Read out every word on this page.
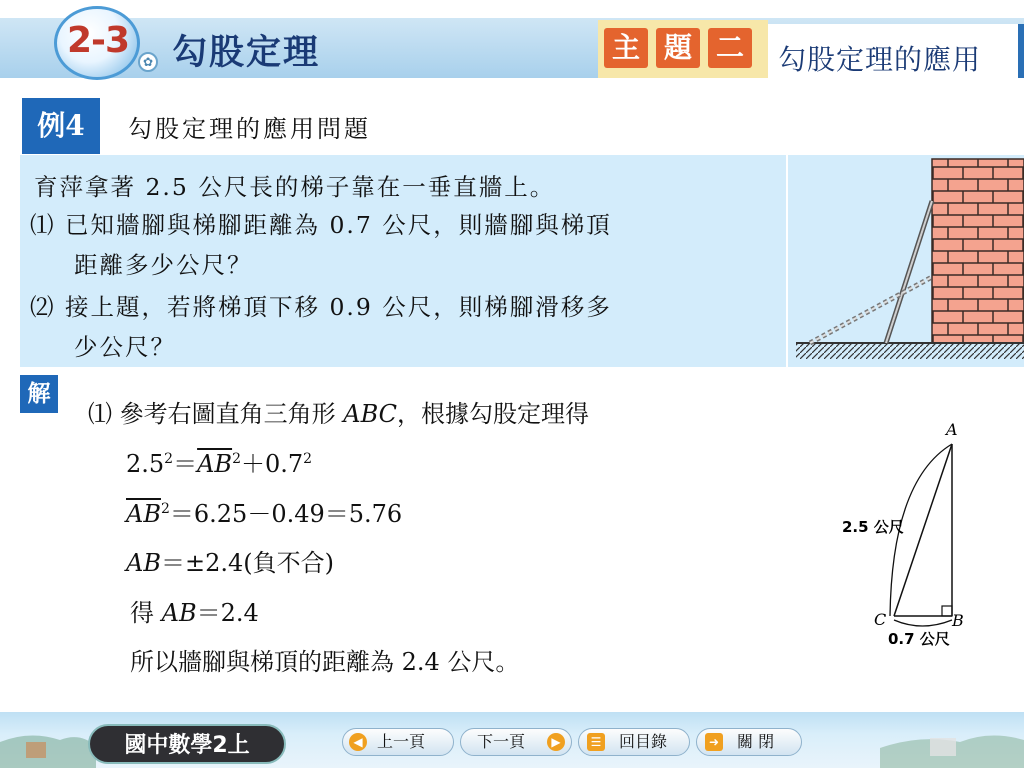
2-3
✿ 勾股定理	主 題 二 勾股定理的應用
例4	勾股定理的應用問題
育萍拿著 2.5 公尺長的梯子靠在一垂直牆上。
⑴ 已知牆腳與梯腳距離為 0.7 公尺，則牆腳與梯頂
距離多少公尺？
⑵ 接上題，若將梯頂下移 0.9 公尺，則梯腳滑移多
少公尺？
解
⑴ 參考右圖直角三角形 ABC，根據勾股定理得
$2.5^2=\overline{AB}^2+0.7^2$
$\overline{AB}^2=6.25-0.49=5.76$
AB＝±2.4(負不合)
得 AB＝2.4
所以牆腳與梯頂的距離為 2.4 公尺。
A
B
C
2.5 公尺
0.7 公尺
國中數學2上	◀ 上一頁	下一頁	▶	☰ 回目錄	➜ 關 閉
